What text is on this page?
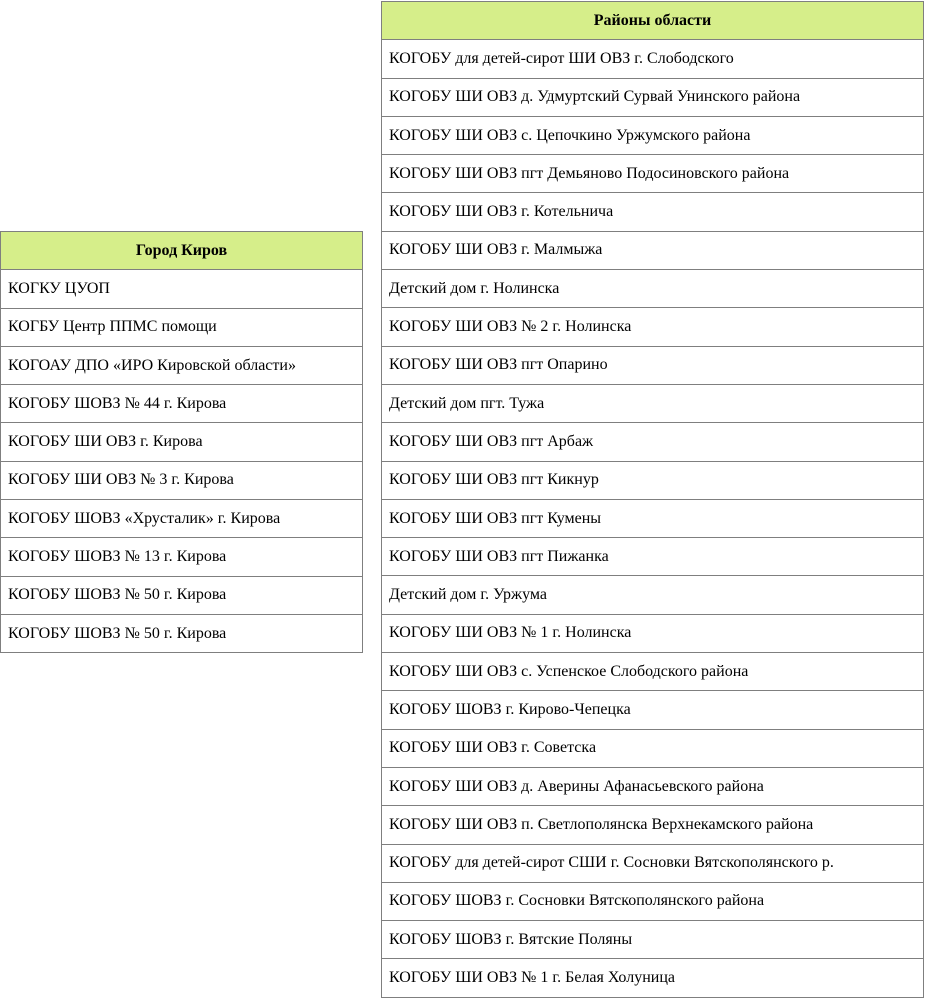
Город Киров
КОГКУ ЦУОП
КОГБУ Центр ППМС помощи
КОГОАУ ДПО «ИРО Кировской области»
КОГОБУ ШОВЗ № 44 г. Кирова
КОГОБУ ШИ ОВЗ г. Кирова
КОГОБУ ШИ ОВЗ № 3 г. Кирова
КОГОБУ ШОВЗ «Хрусталик» г. Кирова
КОГОБУ ШОВЗ № 13 г. Кирова
КОГОБУ ШОВЗ № 50 г. Кирова
КОГОБУ ШОВЗ № 50 г. Кирова
Районы области
КОГОБУ для детей-сирот ШИ ОВЗ г. Слободского
КОГОБУ ШИ ОВЗ д. Удмуртский Сурвай Унинского района
КОГОБУ ШИ ОВЗ с. Цепочкино Уржумского района
КОГОБУ ШИ ОВЗ пгт Демьяново Подосиновского района
КОГОБУ ШИ ОВЗ г. Котельнича
КОГОБУ ШИ ОВЗ г. Малмыжа
Детский дом г. Нолинска
КОГОБУ ШИ ОВЗ № 2 г. Нолинска
КОГОБУ ШИ ОВЗ пгт Опарино
Детский дом пгт. Тужа
КОГОБУ ШИ ОВЗ пгт Арбаж
КОГОБУ ШИ ОВЗ пгт Кикнур
КОГОБУ ШИ ОВЗ пгт Кумены
КОГОБУ ШИ ОВЗ пгт Пижанка
Детский дом г. Уржума
КОГОБУ ШИ ОВЗ № 1 г. Нолинска
КОГОБУ ШИ ОВЗ с. Успенское Слободского района
КОГОБУ ШОВЗ г. Кирово-Чепецка
КОГОБУ ШИ ОВЗ г. Советска
КОГОБУ ШИ ОВЗ д. Аверины Афанасьевского района
КОГОБУ ШИ ОВЗ п. Светлополянска Верхнекамского района
КОГОБУ для детей-сирот СШИ г. Сосновки Вятскополянского р.
КОГОБУ ШОВЗ г. Сосновки Вятскополянского района
КОГОБУ ШОВЗ г. Вятские Поляны
КОГОБУ ШИ ОВЗ № 1 г. Белая Холуница
